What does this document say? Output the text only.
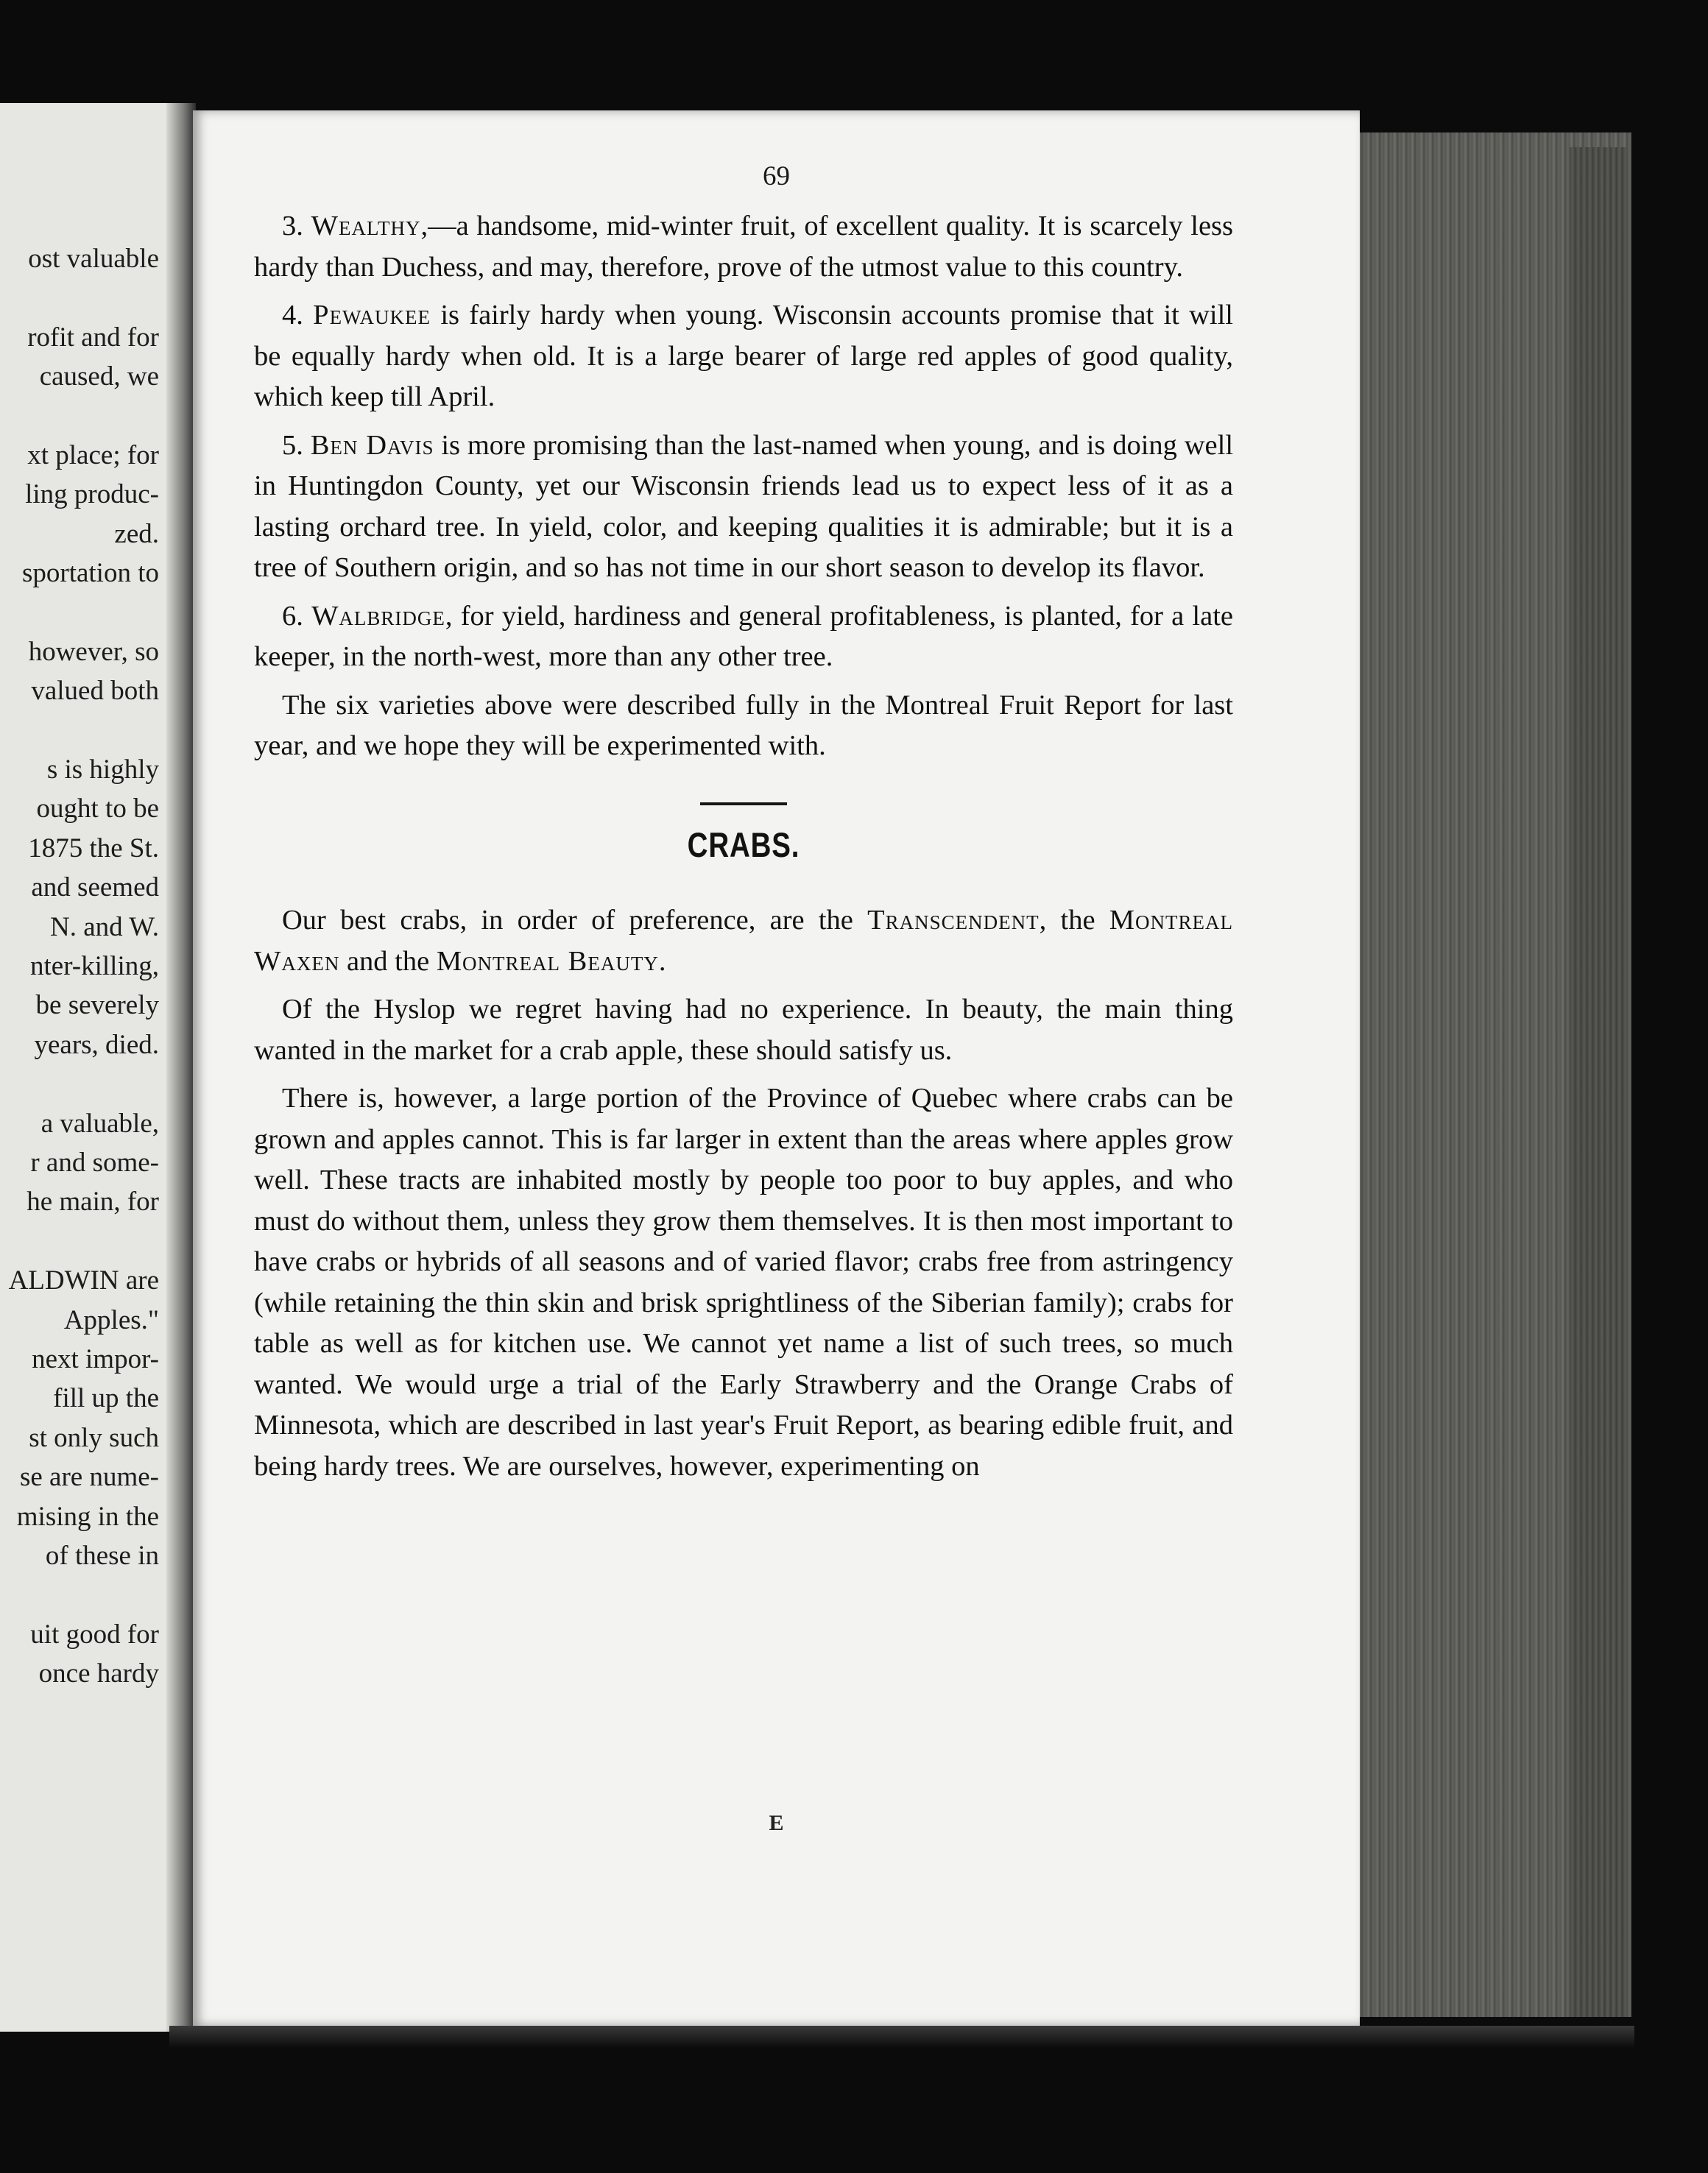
ost valuable
rofit and for
caused, we
xt place; for
ling produc-
zed.
sportation to
however, so
valued both
s is highly
ought to be
1875 the St.
and seemed
N. and W.
nter-killing,
be severely
years, died.
a valuable,
r and some-
he main, for
ALDWIN are
Apples."
next impor-
fill up the
st only such
se are nume-
mising in the
of these in
uit good for
once hardy
69

3. Wealthy,—a handsome, mid-winter fruit, of excellent quality. It is scarcely less hardy than Duchess, and may, therefore, prove of the utmost value to this country.

4. Pewaukee is fairly hardy when young. Wisconsin accounts promise that it will be equally hardy when old. It is a large bearer of large red apples of good quality, which keep till April.

5. Ben Davis is more promising than the last-named when young, and is doing well in Huntingdon County, yet our Wisconsin friends lead us to expect less of it as a lasting orchard tree. In yield, color, and keeping qualities it is admirable; but it is a tree of Southern origin, and so has not time in our short season to develop its flavor.

6. Walbridge, for yield, hardiness and general profitableness, is planted, for a late keeper, in the north-west, more than any other tree.

The six varieties above were described fully in the Montreal Fruit Report for last year, and we hope they will be experimented with.

CRABS.

Our best crabs, in order of preference, are the Transcendent, the Montreal Waxen and the Montreal Beauty.

Of the Hyslop we regret having had no experience. In beauty, the main thing wanted in the market for a crab apple, these should satisfy us.

There is, however, a large portion of the Province of Quebec where crabs can be grown and apples cannot. This is far larger in extent than the areas where apples grow well. These tracts are inhabited mostly by people too poor to buy apples, and who must do without them, unless they grow them themselves. It is then most important to have crabs or hybrids of all seasons and of varied flavor; crabs free from astringency (while retaining the thin skin and brisk sprightliness of the Siberian family); crabs for table as well as for kitchen use. We cannot yet name a list of such trees, so much wanted. We would urge a trial of the Early Strawberry and the Orange Crabs of Minnesota, which are described in last year's Fruit Report, as bearing edible fruit, and being hardy trees. We are ourselves, however, experimenting on

E
